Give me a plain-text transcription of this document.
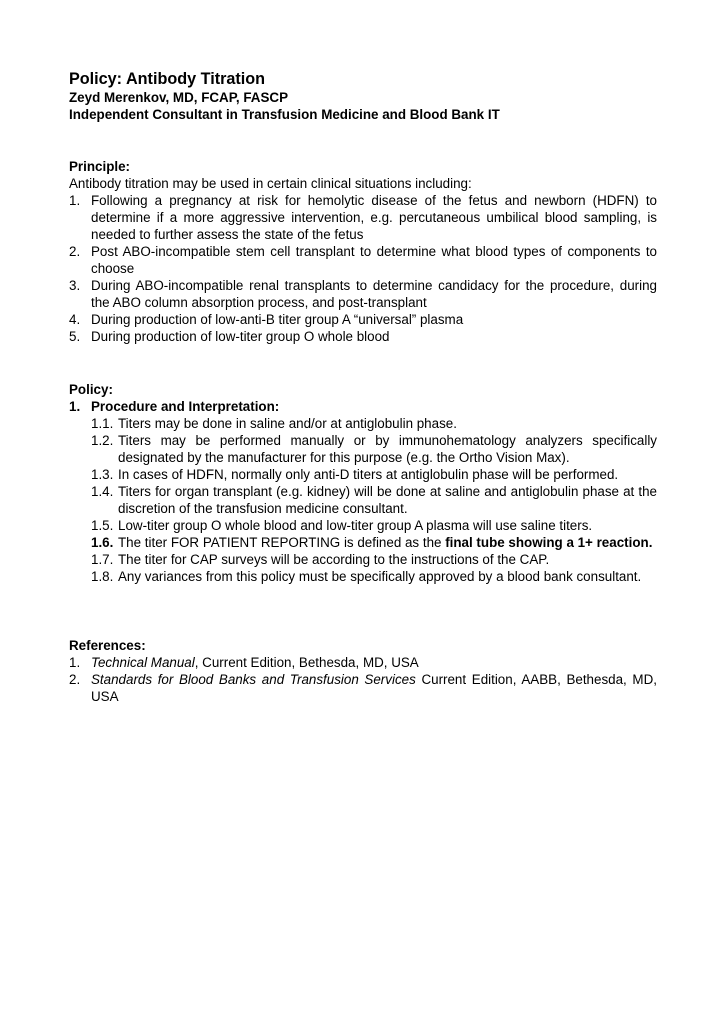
Policy: Antibody Titration

Zeyd Merenkov, MD, FCAP, FASCP

Independent Consultant in Transfusion Medicine and Blood Bank IT

Principle:

Antibody titration may be used in certain clinical situations including:

1. Following a pregnancy at risk for hemolytic disease of the fetus and newborn (HDFN) to determine if a more aggressive intervention, e.g. percutaneous umbilical blood sampling, is needed to further assess the state of the fetus
2. Post ABO-incompatible stem cell transplant to determine what blood types of components to choose
3. During ABO-incompatible renal transplants to determine candidacy for the procedure, during the ABO column absorption process, and post-transplant
4. During production of low-anti-B titer group A “universal” plasma
5. During production of low-titer group O whole blood

Policy:

1. Procedure and Interpretation:
1.1. Titers may be done in saline and/or at antiglobulin phase.
1.2. Titers may be performed manually or by immunohematology analyzers specifically designated by the manufacturer for this purpose (e.g. the Ortho Vision Max).
1.3. In cases of HDFN, normally only anti-D titers at antiglobulin phase will be performed.
1.4. Titers for organ transplant (e.g. kidney) will be done at saline and antiglobulin phase at the discretion of the transfusion medicine consultant.
1.5. Low-titer group O whole blood and low-titer group A plasma will use saline titers.
1.6. The titer FOR PATIENT REPORTING is defined as the final tube showing a 1+ reaction.
1.7. The titer for CAP surveys will be according to the instructions of the CAP.
1.8. Any variances from this policy must be specifically approved by a blood bank consultant.

References:

1. Technical Manual, Current Edition, Bethesda, MD, USA
2. Standards for Blood Banks and Transfusion Services Current Edition, AABB, Bethesda, MD, USA
